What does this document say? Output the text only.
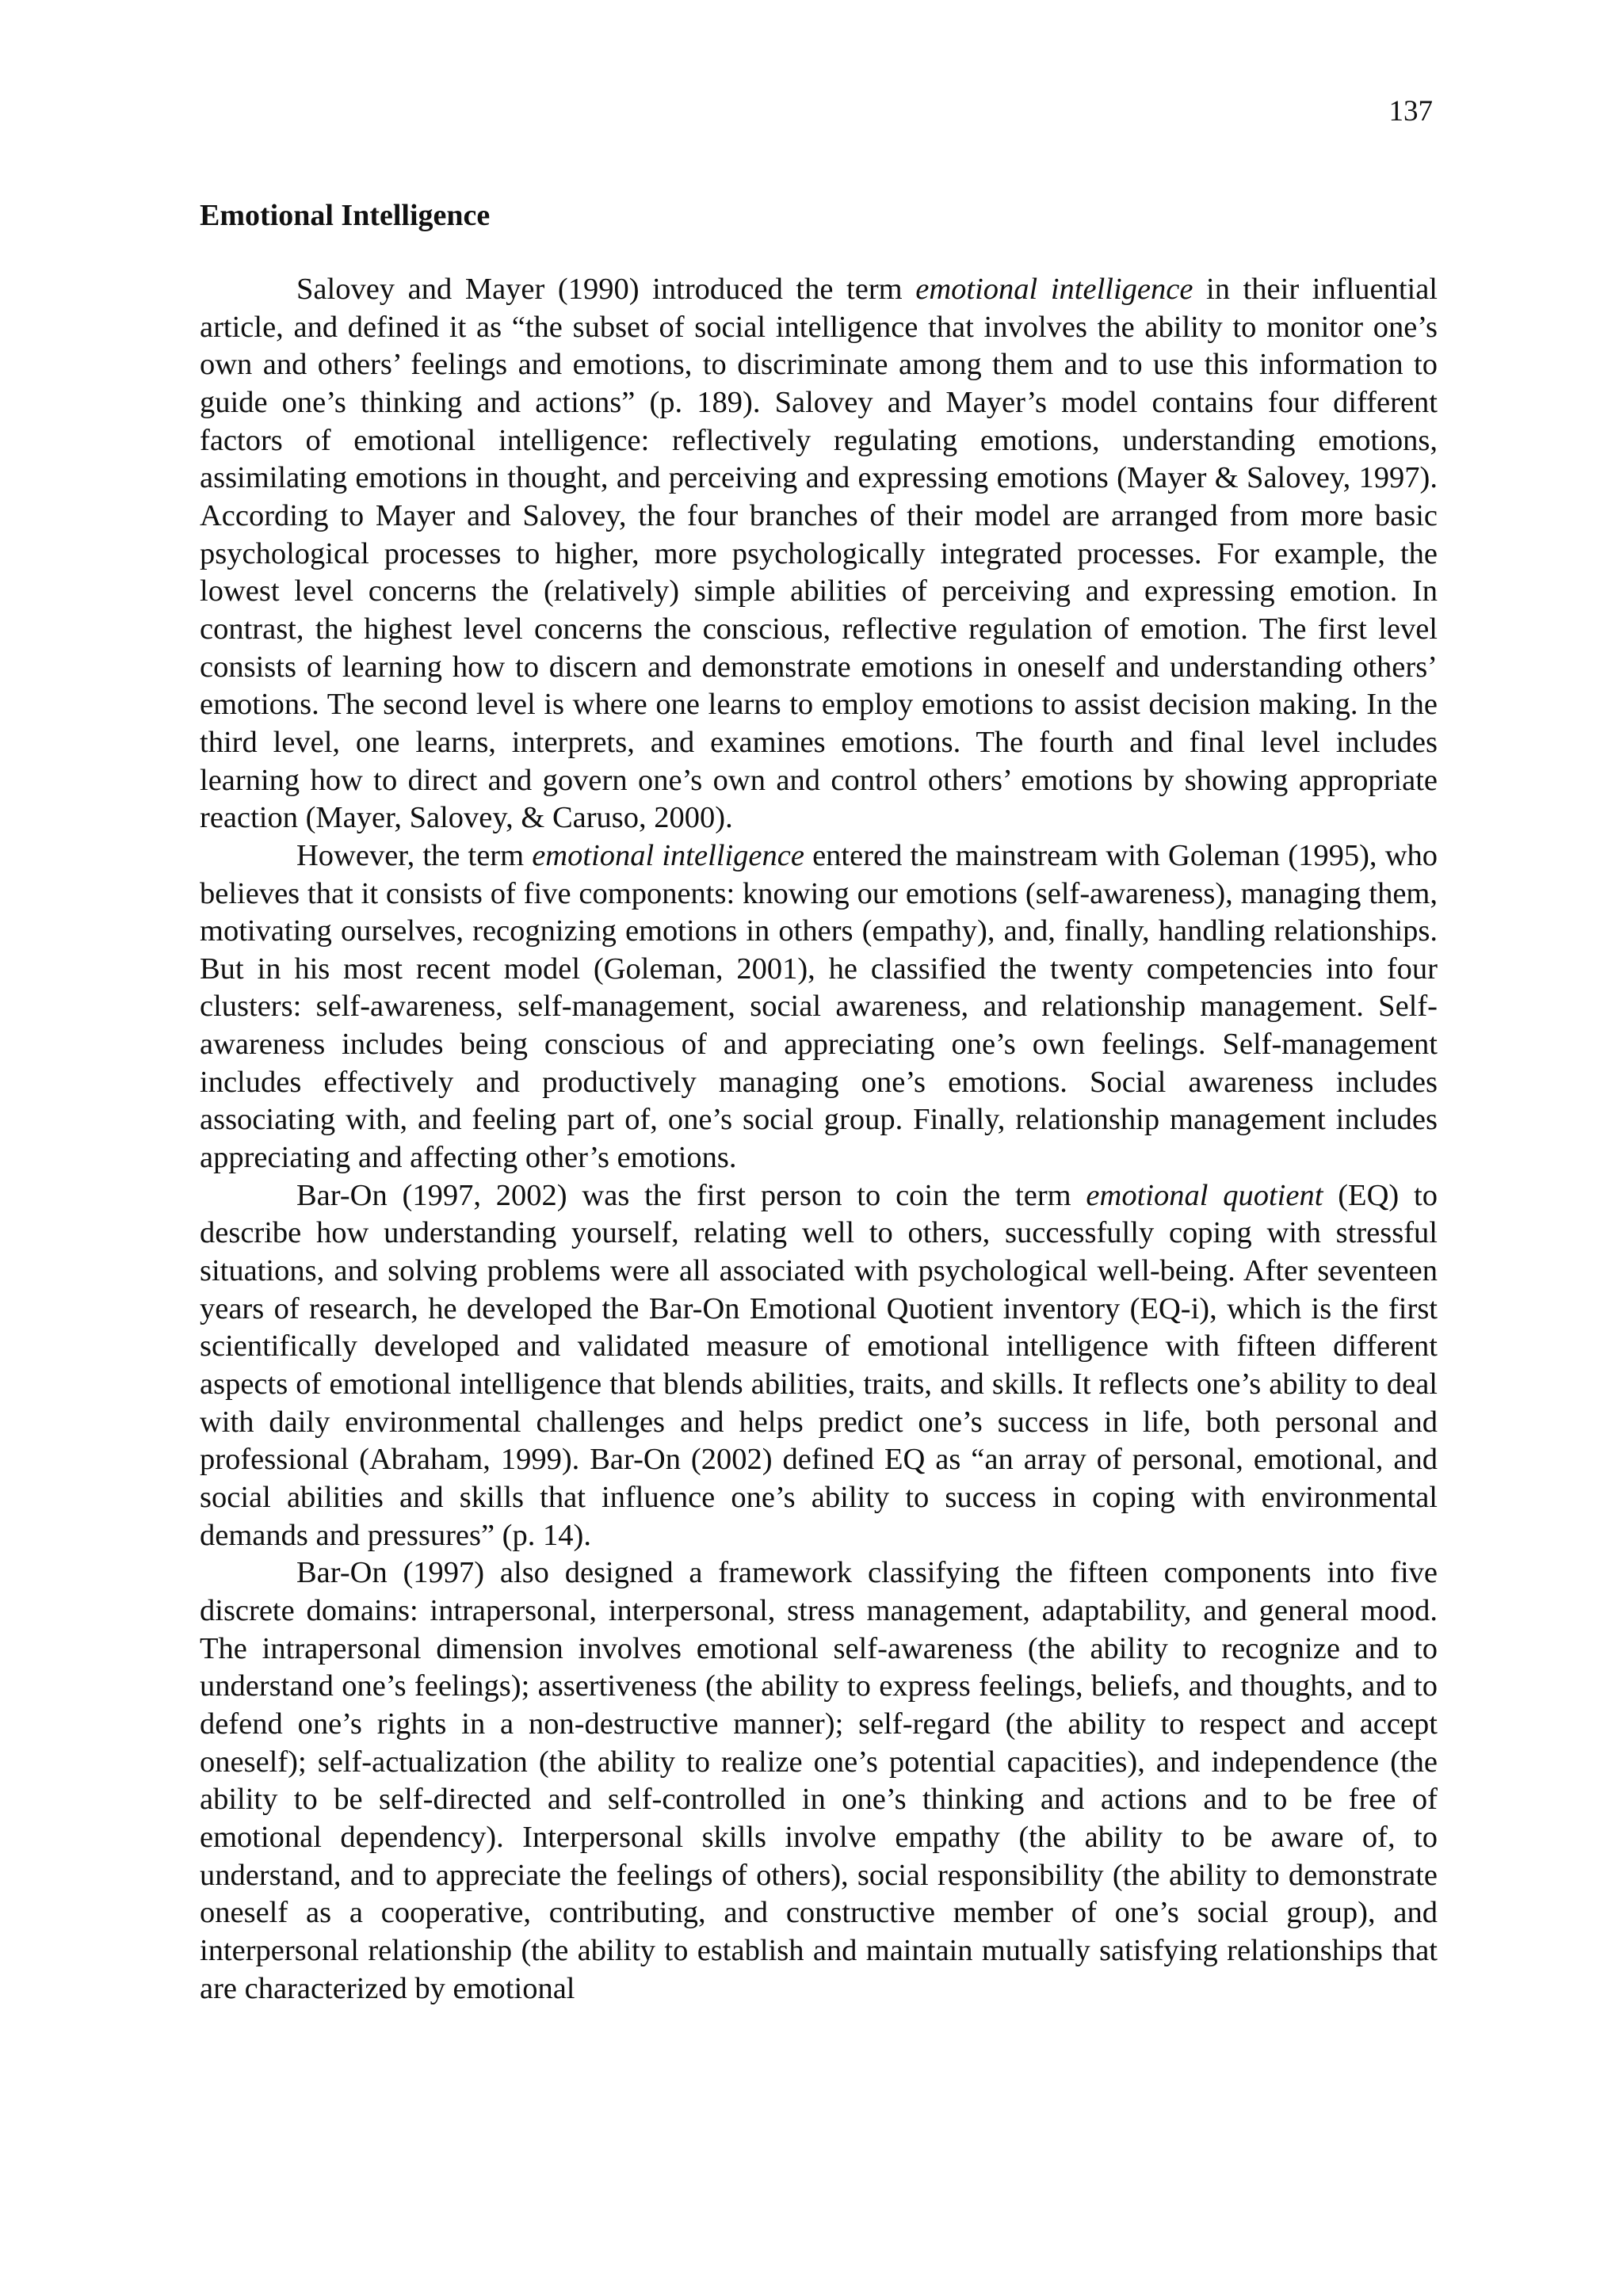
137
Emotional Intelligence

Salovey and Mayer (1990) introduced the term emotional intelligence in their influential article, and defined it as “the subset of social intelligence that involves the ability to monitor one’s own and others’ feelings and emotions, to discriminate among them and to use this information to guide one’s thinking and actions” (p. 189). Salovey and Mayer’s model contains four different factors of emotional intelligence: reflectively regulating emotions, understanding emotions, assimilating emotions in thought, and perceiving and expressing emotions (Mayer & Salovey, 1997). According to Mayer and Salovey, the four branches of their model are arranged from more basic psychological processes to higher, more psychologically integrated processes. For example, the lowest level concerns the (relatively) simple abilities of perceiving and expressing emotion. In contrast, the highest level concerns the conscious, reflective regulation of emotion. The first level consists of learning how to discern and demonstrate emotions in oneself and understanding others’ emotions. The second level is where one learns to employ emotions to assist decision making. In the third level, one learns, interprets, and examines emotions. The fourth and final level includes learning how to direct and govern one’s own and control others’ emotions by showing appropriate reaction (Mayer, Salovey, & Caruso, 2000).

However, the term emotional intelligence entered the mainstream with Goleman (1995), who believes that it consists of five components: knowing our emotions (self-awareness), managing them, motivating ourselves, recognizing emotions in others (empathy), and, finally, handling relationships. But in his most recent model (Goleman, 2001), he classified the twenty competencies into four clusters: self-awareness, self-management, social awareness, and relationship management. Self-awareness includes being conscious of and appreciating one’s own feelings. Self-management includes effectively and productively managing one’s emotions. Social awareness includes associating with, and feeling part of, one’s social group. Finally, relationship management includes appreciating and affecting other’s emotions.

Bar-On (1997, 2002) was the first person to coin the term emotional quotient (EQ) to describe how understanding yourself, relating well to others, successfully coping with stressful situations, and solving problems were all associated with psychological well-being. After seventeen years of research, he developed the Bar-On Emotional Quotient inventory (EQ-i), which is the first scientifically developed and validated measure of emotional intelligence with fifteen different aspects of emotional intelligence that blends abilities, traits, and skills. It reflects one’s ability to deal with daily environmental challenges and helps predict one’s success in life, both personal and professional (Abraham, 1999). Bar-On (2002) defined EQ as “an array of personal, emotional, and social abilities and skills that influence one’s ability to success in coping with environmental demands and pressures” (p. 14).

Bar-On (1997) also designed a framework classifying the fifteen components into five discrete domains: intrapersonal, interpersonal, stress management, adaptability, and general mood. The intrapersonal dimension involves emotional self-awareness (the ability to recognize and to understand one’s feelings); assertiveness (the ability to express feelings, beliefs, and thoughts, and to defend one’s rights in a non-destructive manner); self-regard (the ability to respect and accept oneself); self-actualization (the ability to realize one’s potential capacities), and independence (the ability to be self-directed and self-controlled in one’s thinking and actions and to be free of emotional dependency). Interpersonal skills involve empathy (the ability to be aware of, to understand, and to appreciate the feelings of others), social responsibility (the ability to demonstrate oneself as a cooperative, contributing, and constructive member of one’s social group), and interpersonal relationship (the ability to establish and maintain mutually satisfying relationships that are characterized by emotional
